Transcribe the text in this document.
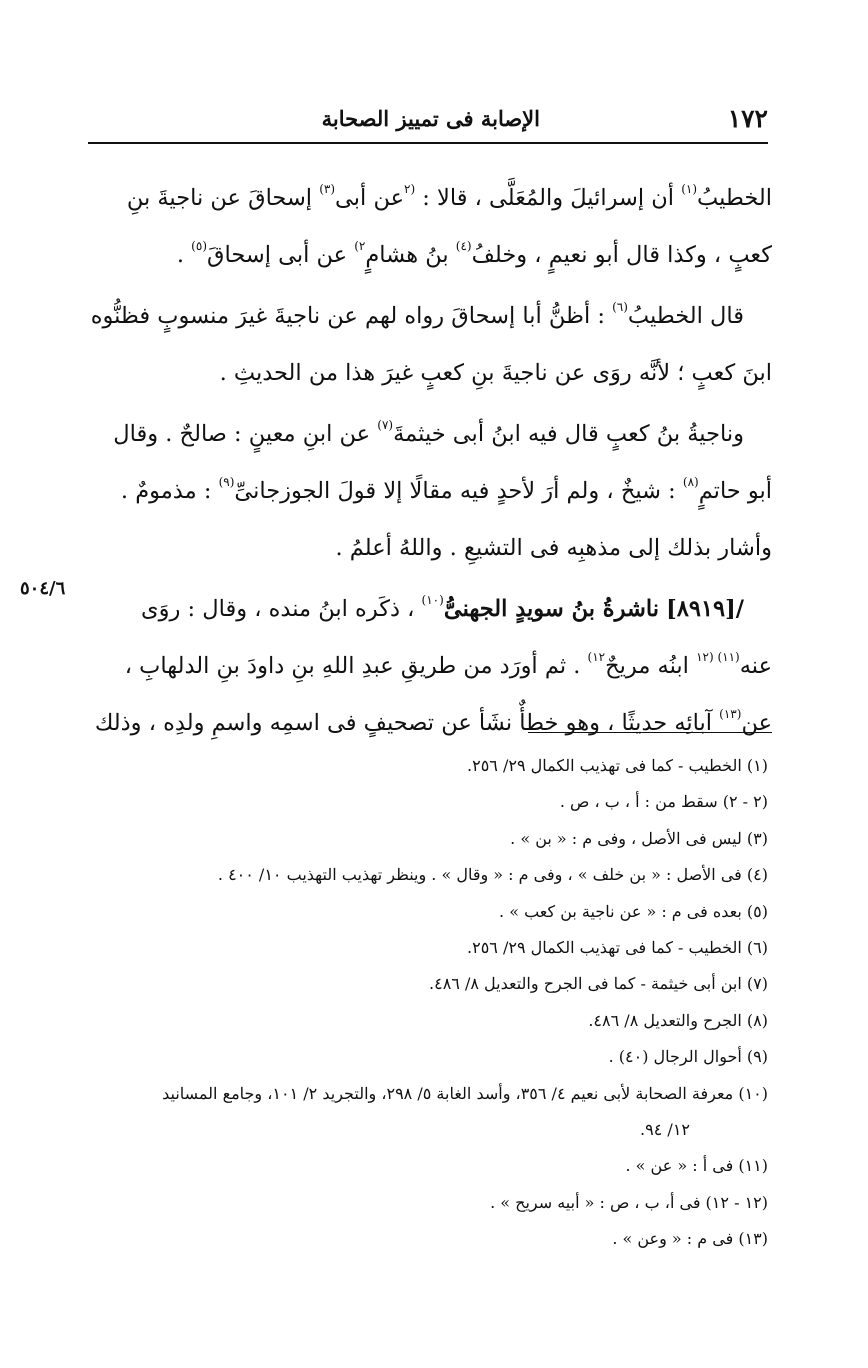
١٧٢
الإصابة فى تمييز الصحابة
٥٠٤/٦
الخطيبُ$^{(١)}$ أن إسرائيلَ والمُعَلَّى ، قالا : $^{(٢}$عن أبى$^{(٣)}$ إسحاقَ عن ناجيةَ بنِ
كعبٍ ، وكذا قال أبو نعيمٍ ، وخلفُ$^{(٤)}$ بنُ هشامٍ$^{٢)}$ عن أبى إسحاقَ$^{(٥)}$ .
قال الخطيبُ$^{(٦)}$ : أظنُّ أبا إسحاقَ رواه لهم عن ناجيةَ غيرَ منسوبٍ فظنُّوه
ابنَ كعبٍ ؛ لأنَّه روَى عن ناجيةَ بنِ كعبٍ غيرَ هذا من الحديثِ .
وناجيةُ بنُ كعبٍ قال فيه ابنُ أبى خيثمةَ$^{(٧)}$ عن ابنِ معينٍ : صالحٌ . وقال
أبو حاتمٍ$^{(٨)}$ : شيخٌ ، ولم أرَ لأحدٍ فيه مقالًا إلا قولَ الجوزجانىِّ$^{(٩)}$ : مذمومٌ .
وأشار بذلك إلى مذهبِه فى التشيعِ . واللهُ أعلمُ .
/[٨٩١٩] ناشرةُ بنُ سويدٍ الجهنىُّ$^{(١٠)}$ ، ذكَره ابنُ منده ، وقال : روَى
عنه$^{(١١)}$ $^{(١٢}$ ابنُه مريحٌ$^{١٢)}$ . ثم أورَد من طريقِ عبدِ اللهِ بنِ داودَ بنِ الدلهابِ ،
عن$^{(١٣)}$ آبائِه حديثًا ، وهو خطأٌ نشَأ عن تصحيفٍ فى اسمِه واسمِ ولدِه ، وذلك
(١) الخطيب - كما فى تهذيب الكمال ٢٩/ ٢٥٦.
(٢ - ٢) سقط من : أ ، ب ، ص .
(٣) ليس فى الأصل ، وفى م : « بن » .
(٤) فى الأصل : « بن خلف » ، وفى م : « وقال » . وينظر تهذيب التهذيب ١٠/ ٤٠٠ .
(٥) بعده فى م : « عن ناجية بن كعب » .
(٦) الخطيب - كما فى تهذيب الكمال ٢٩/ ٢٥٦.
(٧) ابن أبى خيثمة - كما فى الجرح والتعديل ٨/ ٤٨٦.
(٨) الجرح والتعديل ٨/ ٤٨٦.
(٩) أحوال الرجال (٤٠) .
(١٠) معرفة الصحابة لأبى نعيم ٤/ ٣٥٦، وأسد الغابة ٥/ ٢٩٨، والتجريد ٢/ ١٠١، وجامع المسانيد
١٢/ ٩٤.
(١١) فى أ : « عن » .
(١٢ - ١٢) فى أ، ب ، ص : « أبيه سريح » .
(١٣) فى م : « وعن » .
